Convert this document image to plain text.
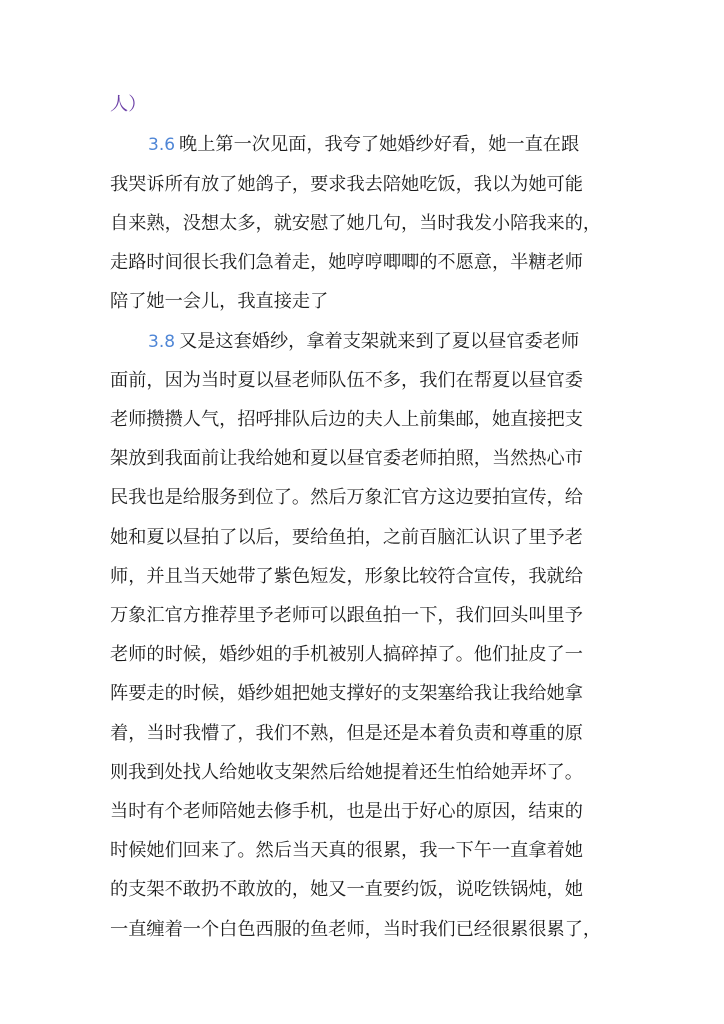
人）
3.6 晚上第一次见面，我夸了她婚纱好看，她一直在跟
我哭诉所有放了她鸽子，要求我去陪她吃饭，我以为她可能
自来熟，没想太多，就安慰了她几句，当时我发小陪我来的，
走路时间很长我们急着走，她哼哼唧唧的不愿意，半糖老师
陪了她一会儿，我直接走了
3.8 又是这套婚纱，拿着支架就来到了夏以昼官委老师
面前，因为当时夏以昼老师队伍不多，我们在帮夏以昼官委
老师攒攒人气，招呼排队后边的夫人上前集邮，她直接把支
架放到我面前让我给她和夏以昼官委老师拍照，当然热心市
民我也是给服务到位了。然后万象汇官方这边要拍宣传，给
她和夏以昼拍了以后，要给鱼拍，之前百脑汇认识了里予老
师，并且当天她带了紫色短发，形象比较符合宣传，我就给
万象汇官方推荐里予老师可以跟鱼拍一下，我们回头叫里予
老师的时候，婚纱姐的手机被别人搞碎掉了。他们扯皮了一
阵要走的时候，婚纱姐把她支撑好的支架塞给我让我给她拿
着，当时我懵了，我们不熟，但是还是本着负责和尊重的原
则我到处找人给她收支架然后给她提着还生怕给她弄坏了。
当时有个老师陪她去修手机，也是出于好心的原因，结束的
时候她们回来了。然后当天真的很累，我一下午一直拿着她
的支架不敢扔不敢放的，她又一直要约饭，说吃铁锅炖，她
一直缠着一个白色西服的鱼老师，当时我们已经很累很累了，
